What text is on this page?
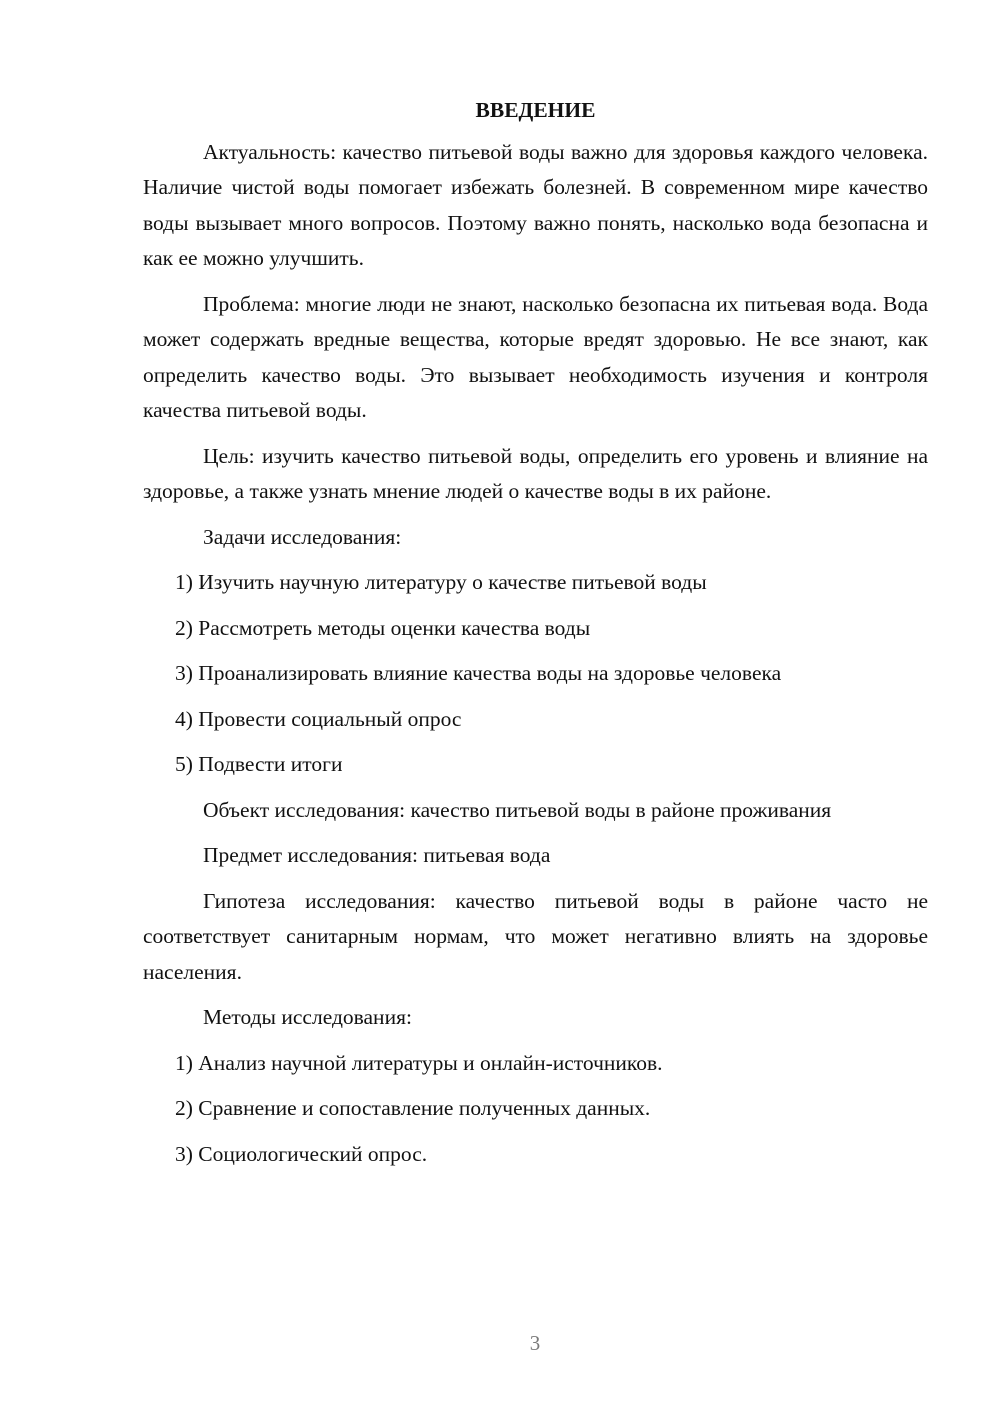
ВВЕДЕНИЕ

Актуальность: качество питьевой воды важно для здоровья каждого человека. Наличие чистой воды помогает избежать болезней. В современном мире качество воды вызывает много вопросов. Поэтому важно понять, насколько вода безопасна и как ее можно улучшить.

Проблема: многие люди не знают, насколько безопасна их питьевая вода. Вода может содержать вредные вещества, которые вредят здоровью. Не все знают, как определить качество воды. Это вызывает необходимость изучения и контроля качества питьевой воды.

Цель: изучить качество питьевой воды, определить его уровень и влияние на здоровье, а также узнать мнение людей о качестве воды в их районе.

Задачи исследования:

1) Изучить научную литературу о качестве питьевой воды

2) Рассмотреть методы оценки качества воды

3) Проанализировать влияние качества воды на здоровье человека

4) Провести социальный опрос

5) Подвести итоги

Объект исследования: качество питьевой воды в районе проживания

Предмет исследования: питьевая вода

Гипотеза исследования: качество питьевой воды в районе часто не соответствует санитарным нормам, что может негативно влиять на здоровье населения.

Методы исследования:

1) Анализ научной литературы и онлайн-источников.

2) Сравнение и сопоставление полученных данных.

3) Социологический опрос.

3
